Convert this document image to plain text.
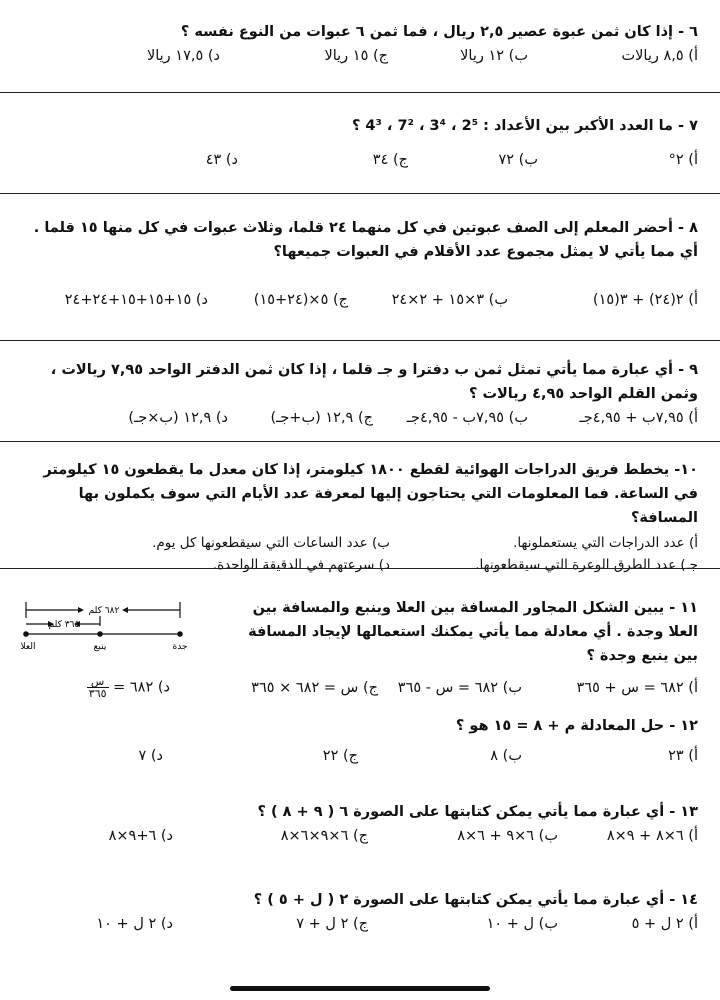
٦ - إذا كان ثمن عبوة عصير ٢,٥ ريال ، فما ثمن ٦ عبوات من النوع نفسه ؟
أ) ٨,٥ ريالات
ب) ١٢ ريالا
ج) ١٥ ريالا
د) ١٧,٥ ريالا
٧ - ما العدد الأكبر بين الأعداد : 2⁵ ، 3⁴ ، 7² ، 4³ ؟
أ) ٢°
ب) ٧٢
ج) ٣٤
د) ٤٣
٨ - أحضر المعلم إلى الصف عبوتين في كل منهما ٢٤ قلما، وثلاث عبوات في كل منها ١٥ قلما . أي مما يأتي لا يمثل مجموع عدد الأقلام في العبوات جميعها؟
أ) ٢(٢٤) + ٣(١٥)
ب) ٣×١٥ + ٢×٢٤
ج) ٥×(٢٤+١٥)
د) ١٥+١٥+١٥+٢٤+٢٤
٩ - أي عبارة مما يأتي تمثل ثمن ب دفترا و جـ قلما ، إذا كان ثمن الدفتر الواحد ٧,٩٥ ريالات ، وثمن القلم الواحد ٤,٩٥ ريالات ؟
أ) ٧,٩٥ب + ٤,٩٥جـ
ب) ٧,٩٥ب - ٤,٩٥جـ
ج) ١٢,٩ (ب+جـ)
د) ١٢,٩ (ب×جـ)
١٠- يخطط فريق الدراجات الهوائية لقطع ١٨٠٠ كيلومتر، إذا كان معدل ما يقطعون ١٥ كيلومتر في الساعة. فما المعلومات التي يحتاجون إليها لمعرفة عدد الأيام التي سوف يكملون بها المسافة؟
أ) عدد الدراجات التي يستعملونها.
ب) عدد الساعات التي سيقطعونها كل يوم.
جـ) عدد الطرق الوعرة التي سيقطعونها.
د) سرعتهم في الدقيقة الواحدة.
١١ - يبين الشكل المجاور المسافة بين العلا وينبع والمسافة بين العلا وجدة . أي معادلة مما يأتي يمكنك استعمالها لإيجاد المسافة بين ينبع وجدة ؟
٦٨٢ كلم
٣٦٥ كلم
العلا	ينبع	جدة
أ) ٦٨٢ = س + ٣٦٥
ب) ٦٨٢ = س - ٣٦٥
ج) س = ٦٨٢ × ٣٦٥
د) ٦٨٢ =
$\frac{\text{س}}{٣٦٥}$
١٢ - حل المعادلة م + ٨ = ١٥ هو ؟
أ) ٢٣
ب) ٨
ج) ٢٢
د) ٧
١٣ - أي عبارة مما يأتي يمكن كتابتها على الصورة ٦ ( ٩ + ٨ ) ؟
أ) ٦×٨ + ٩×٨
ب) ٦×٩ + ٦×٨
ج) ٦×٩×٦×٨
د) ٦+٩×٨
١٤ - أي عبارة مما يأتي يمكن كتابتها على الصورة ٢ ( ل + ٥ ) ؟
أ) ٢ ل + ٥
ب) ل + ١٠
ج) ٢ ل + ٧
د) ٢ ل + ١٠
